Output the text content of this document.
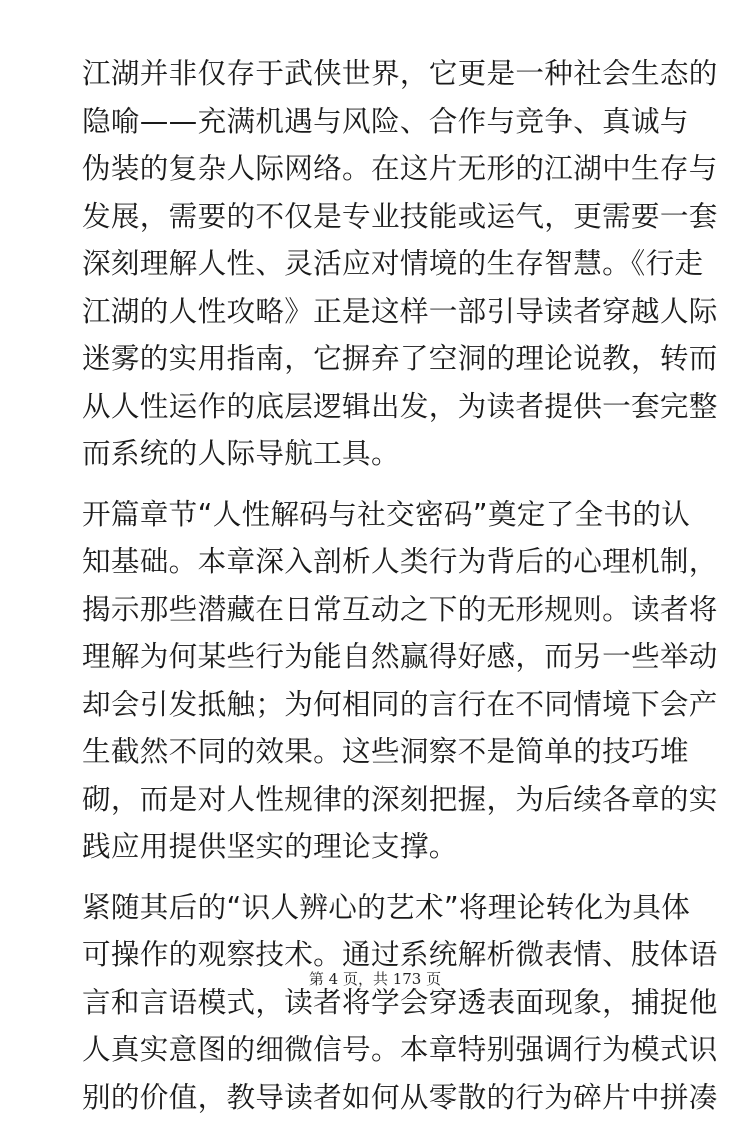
江湖并非仅存于武侠世界，它更是一种社会生态的
隐喻——充满机遇与风险、合作与竞争、真诚与
伪装的复杂人际网络。在这片无形的江湖中生存与
发展，需要的不仅是专业技能或运气，更需要一套
深刻理解人性、灵活应对情境的生存智慧。《行走
江湖的人性攻略》正是这样一部引导读者穿越人际
迷雾的实用指南，它摒弃了空洞的理论说教，转而
从人性运作的底层逻辑出发，为读者提供一套完整
而系统的人际导航工具。
开篇章节“人性解码与社交密码”奠定了全书的认
知基础。本章深入剖析人类行为背后的心理机制，
揭示那些潜藏在日常互动之下的无形规则。读者将
理解为何某些行为能自然赢得好感，而另一些举动
却会引发抵触；为何相同的言行在不同情境下会产
生截然不同的效果。这些洞察不是简单的技巧堆
砌，而是对人性规律的深刻把握，为后续各章的实
践应用提供坚实的理论支撑。
紧随其后的“识人辨心的艺术”将理论转化为具体
可操作的观察技术。通过系统解析微表情、肢体语
言和言语模式，读者将学会穿透表面现象，捕捉他
人真实意图的细微信号。本章特别强调行为模式识
别的价值，教导读者如何从零散的行为碎片中拼凑
第 4 页，共 173 页
